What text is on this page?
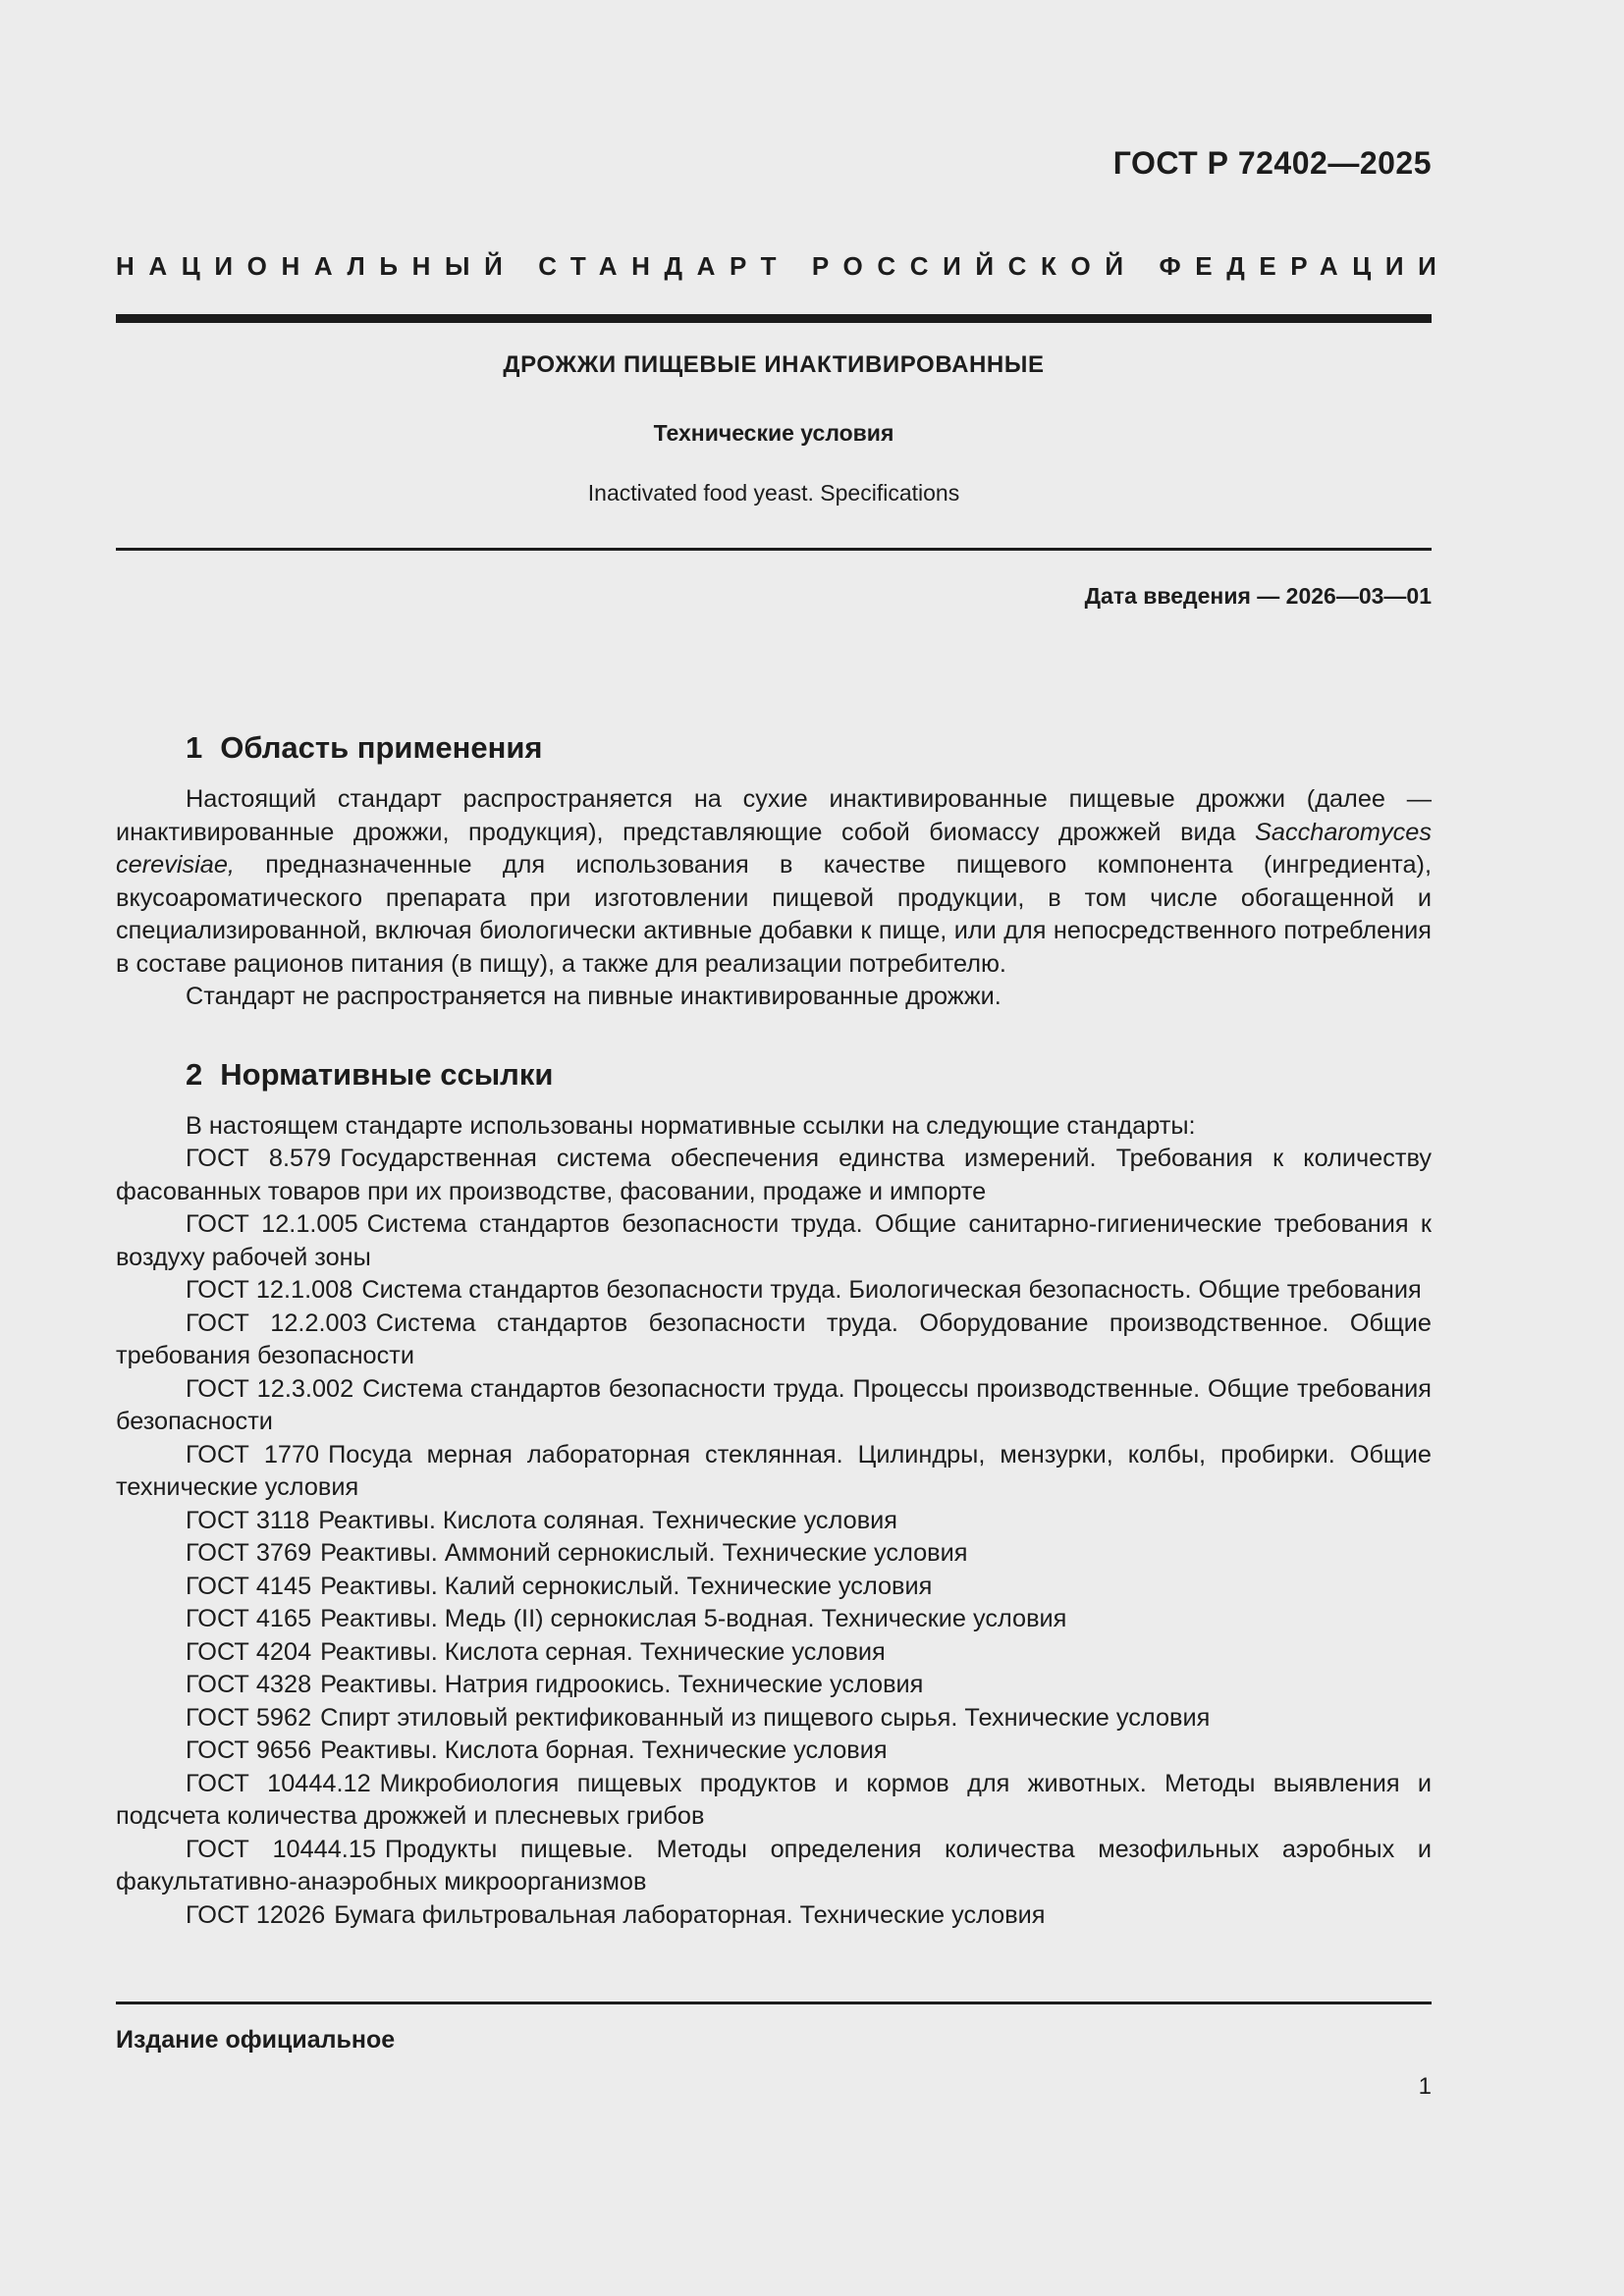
ГОСТ Р 72402—2025
НАЦИОНАЛЬНЫЙ СТАНДАРТ РОССИЙСКОЙ ФЕДЕРАЦИИ
ДРОЖЖИ ПИЩЕВЫЕ ИНАКТИВИРОВАННЫЕ
Технические условия
Inactivated food yeast. Specifications
Дата введения — 2026—03—01
1 Область применения

Настоящий стандарт распространяется на сухие инактивированные пищевые дрожжи (далее — инактивированные дрожжи, продукция), представляющие собой биомассу дрожжей вида Saccharomyces cerevisiae, предназначенные для использования в качестве пищевого компонента (ингредиента), вкусоароматического препарата при изготовлении пищевой продукции, в том числе обогащенной и специализированной, включая биологически активные добавки к пище, или для непосредственного потребления в составе рационов питания (в пищу), а также для реализации потребителю.

Стандарт не распространяется на пивные инактивированные дрожжи.

2 Нормативные ссылки

В настоящем стандарте использованы нормативные ссылки на следующие стандарты:

ГОСТ 8.579 Государственная система обеспечения единства измерений. Требования к количеству фасованных товаров при их производстве, фасовании, продаже и импорте

ГОСТ 12.1.005 Система стандартов безопасности труда. Общие санитарно-гигиенические требования к воздуху рабочей зоны

ГОСТ 12.1.008 Система стандартов безопасности труда. Биологическая безопасность. Общие требования

ГОСТ 12.2.003 Система стандартов безопасности труда. Оборудование производственное. Общие требования безопасности

ГОСТ 12.3.002 Система стандартов безопасности труда. Процессы производственные. Общие требования безопасности

ГОСТ 1770 Посуда мерная лабораторная стеклянная. Цилиндры, мензурки, колбы, пробирки. Общие технические условия

ГОСТ 3118 Реактивы. Кислота соляная. Технические условия

ГОСТ 3769 Реактивы. Аммоний сернокислый. Технические условия

ГОСТ 4145 Реактивы. Калий сернокислый. Технические условия

ГОСТ 4165 Реактивы. Медь (II) сернокислая 5-водная. Технические условия

ГОСТ 4204 Реактивы. Кислота серная. Технические условия

ГОСТ 4328 Реактивы. Натрия гидроокись. Технические условия

ГОСТ 5962 Спирт этиловый ректификованный из пищевого сырья. Технические условия

ГОСТ 9656 Реактивы. Кислота борная. Технические условия

ГОСТ 10444.12 Микробиология пищевых продуктов и кормов для животных. Методы выявления и подсчета количества дрожжей и плесневых грибов

ГОСТ 10444.15 Продукты пищевые. Методы определения количества мезофильных аэробных и факультативно-анаэробных микроорганизмов

ГОСТ 12026 Бумага фильтровальная лабораторная. Технические условия

Издание официальное
1
